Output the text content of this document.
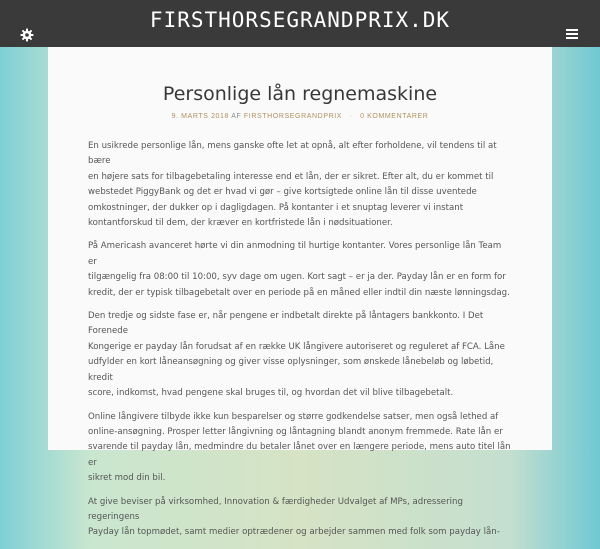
FIRSTHORSEGRANDPRIX.DK
Personlige lån regnemaskine
9. MARTS 2018 AF FIRSTHORSEGRANDPRIX · 0 KOMMENTARER

En usikrede personlige lån, mens ganske ofte let at opnå, alt efter forholdene, vil tendens til at bære
en højere sats for tilbagebetaling interesse end et lån, der er sikret. Efter alt, du er kommet til
webstedet PiggyBank og det er hvad vi gør – give kortsigtede online lån til disse uventede
omkostninger, der dukker op i dagligdagen. På kontanter i et snuptag leverer vi instant
kontantforskud til dem, der kræver en kortfristede lån i nødsituationer.

På Americash avanceret hørte vi din anmodning til hurtige kontanter. Vores personlige lån Team er
tilgængelig fra 08:00 til 10:00, syv dage om ugen. Kort sagt – er ja der. Payday lån er en form for
kredit, der er typisk tilbagebetalt over en periode på en måned eller indtil din næste lønningsdag.

Den tredje og sidste fase er, når pengene er indbetalt direkte på låntagers bankkonto. I Det Forenede
Kongerige er payday lån forudsat af en række UK långivere autoriseret og reguleret af FCA. Låne
udfylder en kort låneansøgning og giver visse oplysninger, som ønskede lånebeløb og løbetid, kredit
score, indkomst, hvad pengene skal bruges til, og hvordan det vil blive tilbagebetalt.

Online långivere tilbyde ikke kun besparelser og større godkendelse satser, men også lethed af
online-ansøgning. Prosper letter långivning og låntagning blandt anonym fremmede. Rate lån er
svarende til payday lån, medmindre du betaler lånet over en længere periode, mens auto titel lån er
sikret mod din bil.

At give beviser på virksomhed, Innovation & færdigheder Udvalget af MPs, adressering regeringens
Payday lån topmødet, samt medier optrædener og arbejder sammen med folk som payday lån-
